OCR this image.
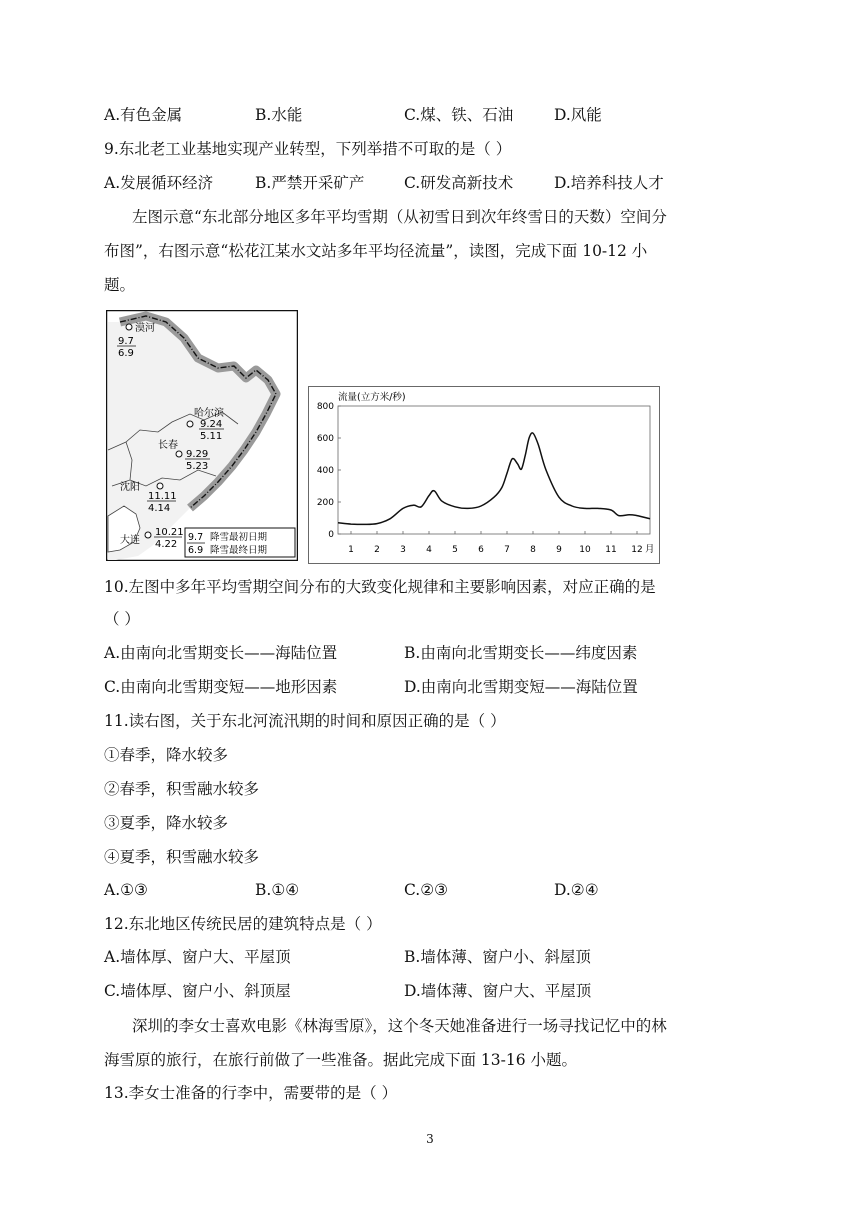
A.有色金属	B.水能	C.煤、铁、石油	D.风能
9.东北老工业基地实现产业转型，下列举措不可取的是（ ）
A.发展循环经济	B.严禁开采矿产	C.研发高新技术	D.培养科技人才
左图示意“东北部分地区多年平均雪期（从初雪日到次年终雪日的天数）空间分
布图”，右图示意“松花江某水文站多年平均径流量”，读图，完成下面 10-12 小
题。
漠河
9.7
6.9
哈尔滨
9.24
5.11
长春
9.29
5.23
沈阳
11.11
4.14
大连
10.21
4.22
9.7
6.9
降雪最初日期
降雪最终日期
流量(立方米/秒)
0
200
400
600
800
1 2 3 4 5 6 7 8 9 10 11 12 月
10.左图中多年平均雪期空间分布的大致变化规律和主要影响因素，对应正确的是
（ ）
A.由南向北雪期变长——海陆位置	B.由南向北雪期变长——纬度因素
C.由南向北雪期变短——地形因素	D.由南向北雪期变短——海陆位置
11.读右图，关于东北河流汛期的时间和原因正确的是（ ）
①春季，降水较多
②春季，积雪融水较多
③夏季，降水较多
④夏季，积雪融水较多
A.①③	B.①④	C.②③	D.②④
12.东北地区传统民居的建筑特点是（ ）
A.墙体厚、窗户大、平屋顶	B.墙体薄、窗户小、斜屋顶
C.墙体厚、窗户小、斜顶屋	D.墙体薄、窗户大、平屋顶
深圳的李女士喜欢电影《林海雪原》，这个冬天她准备进行一场寻找记忆中的林
海雪原的旅行，在旅行前做了一些准备。据此完成下面 13-16 小题。
13.李女士准备的行李中，需要带的是（ ）
3
